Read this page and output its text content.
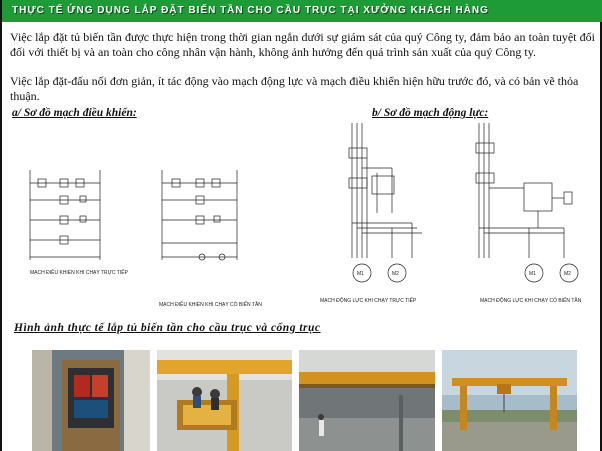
THỰC TẾ ỨNG DỤNG LẮP ĐẶT BIẾN TẦN CHO CẦU TRỤC TẠI XƯỞNG KHÁCH HÀNG
Việc lắp đặt tủ biến tần được thực hiện trong thời gian ngắn dưới sự giám sát của quý Công ty, đảm bảo an toàn tuyệt đối đối với thiết bị và an toàn cho công nhân vận hành, không ảnh hưởng đến quá trình sản xuất của quý Công ty.
Việc lắp đặt-đấu nối đơn giản, ít tác động vào mạch động lực và mạch điều khiển hiện hữu trước đó, và có bản vẽ thỏa thuận.
a/ Sơ đồ mạch điều khiển:	b/ Sơ đồ mạch động lực:
MẠCH ĐIỀU KHIỂN KHI CHẠY TRỰC TIẾP
MẠCH ĐIỀU KHIỂN KHI CHẠY CÓ BIẾN TẦN
M1	M2
MẠCH ĐỘNG LỰC KHI CHẠY TRỰC TIẾP
M1	M2
MẠCH ĐỘNG LỰC KHI CHẠY CÓ BIẾN TẦN
Hình ảnh thực tế lắp tủ biến tần cho cầu trục và cổng trục
